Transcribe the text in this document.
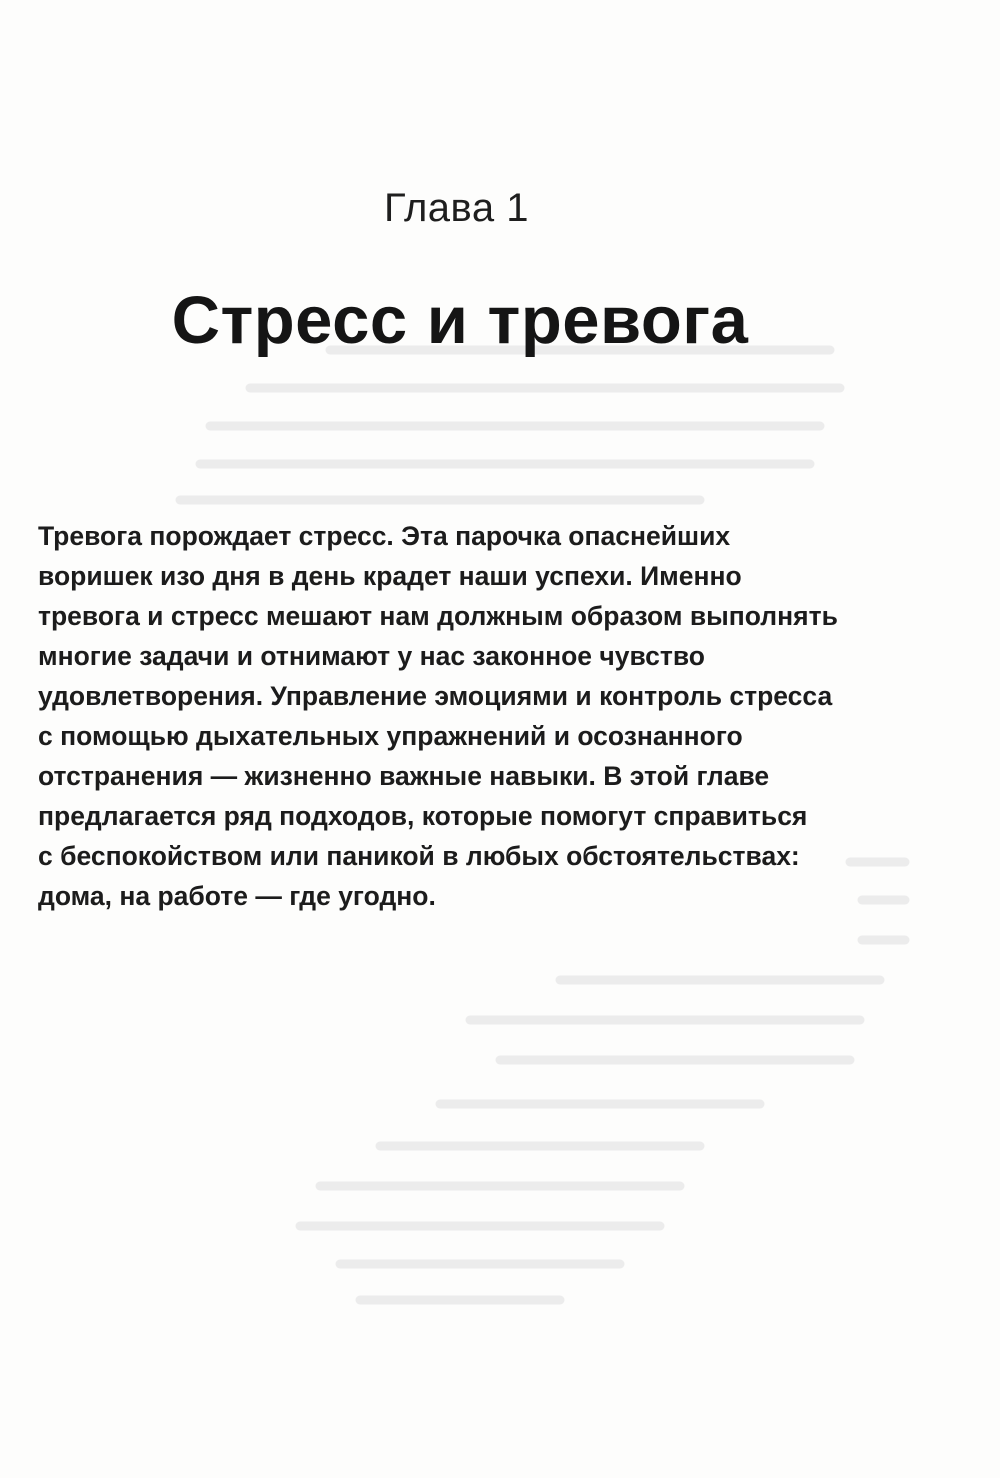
Глава 1
Стресс и тревога
Тревога порождает стресс. Эта парочка опаснейших
воришек изо дня в день крадет наши успехи. Именно
тревога и стресс мешают нам должным образом выполнять
многие задачи и отнимают у нас законное чувство
удовлетворения. Управление эмоциями и контроль стресса
с помощью дыхательных упражнений и осознанного
отстранения — жизненно важные навыки. В этой главе
предлагается ряд подходов, которые помогут справиться
с беспокойством или паникой в любых обстоятельствах:
дома, на работе — где угодно.
